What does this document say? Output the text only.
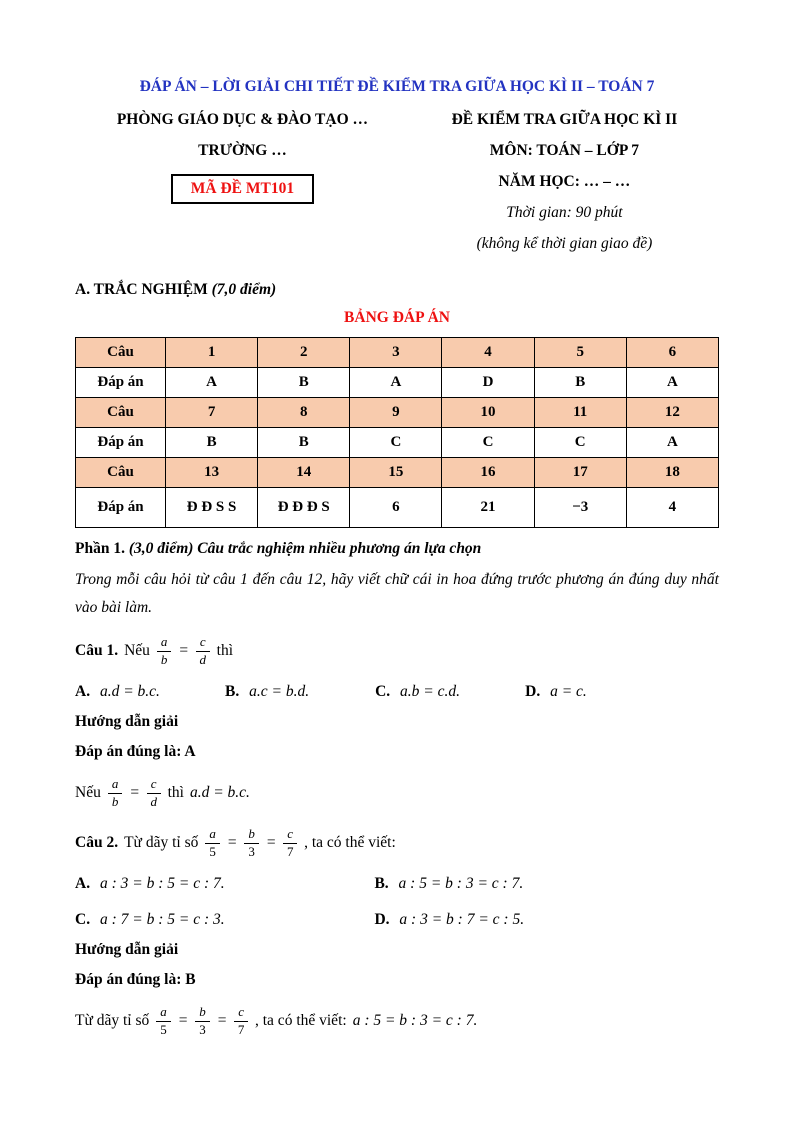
ĐÁP ÁN – LỜI GIẢI CHI TIẾT ĐỀ KIỂM TRA GIỮA HỌC KÌ II – TOÁN 7

PHÒNG GIÁO DỤC & ĐÀO TẠO …

TRƯỜNG …

MÃ ĐỀ MT101

ĐỀ KIỂM TRA GIỮA HỌC KÌ II

MÔN: TOÁN – LỚP 7

NĂM HỌC: … – …

Thời gian: 90 phút

(không kể thời gian giao đề)

A. TRẮC NGHIỆM (7,0 điểm)

BẢNG ĐÁP ÁN

Câu	1	2	3	4	5	6
Đáp án	A	B	A	D	B	A
Câu	7	8	9	10	11	12
Đáp án	B	B	C	C	C	A
Câu	13	14	15	16	17	18
Đáp án	Đ Đ S S	Đ Đ Đ S	6	21	−3	4

Phần 1. (3,0 điểm) Câu trắc nghiệm nhiều phương án lựa chọn

Trong mỗi câu hỏi từ câu 1 đến câu 12, hãy viết chữ cái in hoa đứng trước phương án đúng duy nhất vào bài làm.

Câu 1. Nếu $\frac{a}{b} = \frac{c}{d}$ thì
A. a.d = b.c.	B. a.c = b.d.	C. a.b = c.d.	D. a = c.

Hướng dẫn giải

Đáp án đúng là: A

Nếu $\frac{a}{b} = \frac{c}{d}$ thì a.d = b.c.
Câu 2. Từ dãy tỉ số $\frac{a}{5} = \frac{b}{3} = \frac{c}{7}$ , ta có thể viết:
A. a : 3 = b : 5 = c : 7.	B. a : 5 = b : 3 = c : 7.
C. a : 7 = b : 5 = c : 3.	D. a : 3 = b : 7 = c : 5.

Hướng dẫn giải

Đáp án đúng là: B

Từ dãy tỉ số $\frac{a}{5} = \frac{b}{3} = \frac{c}{7}$ , ta có thể viết: a : 5 = b : 3 = c : 7.
